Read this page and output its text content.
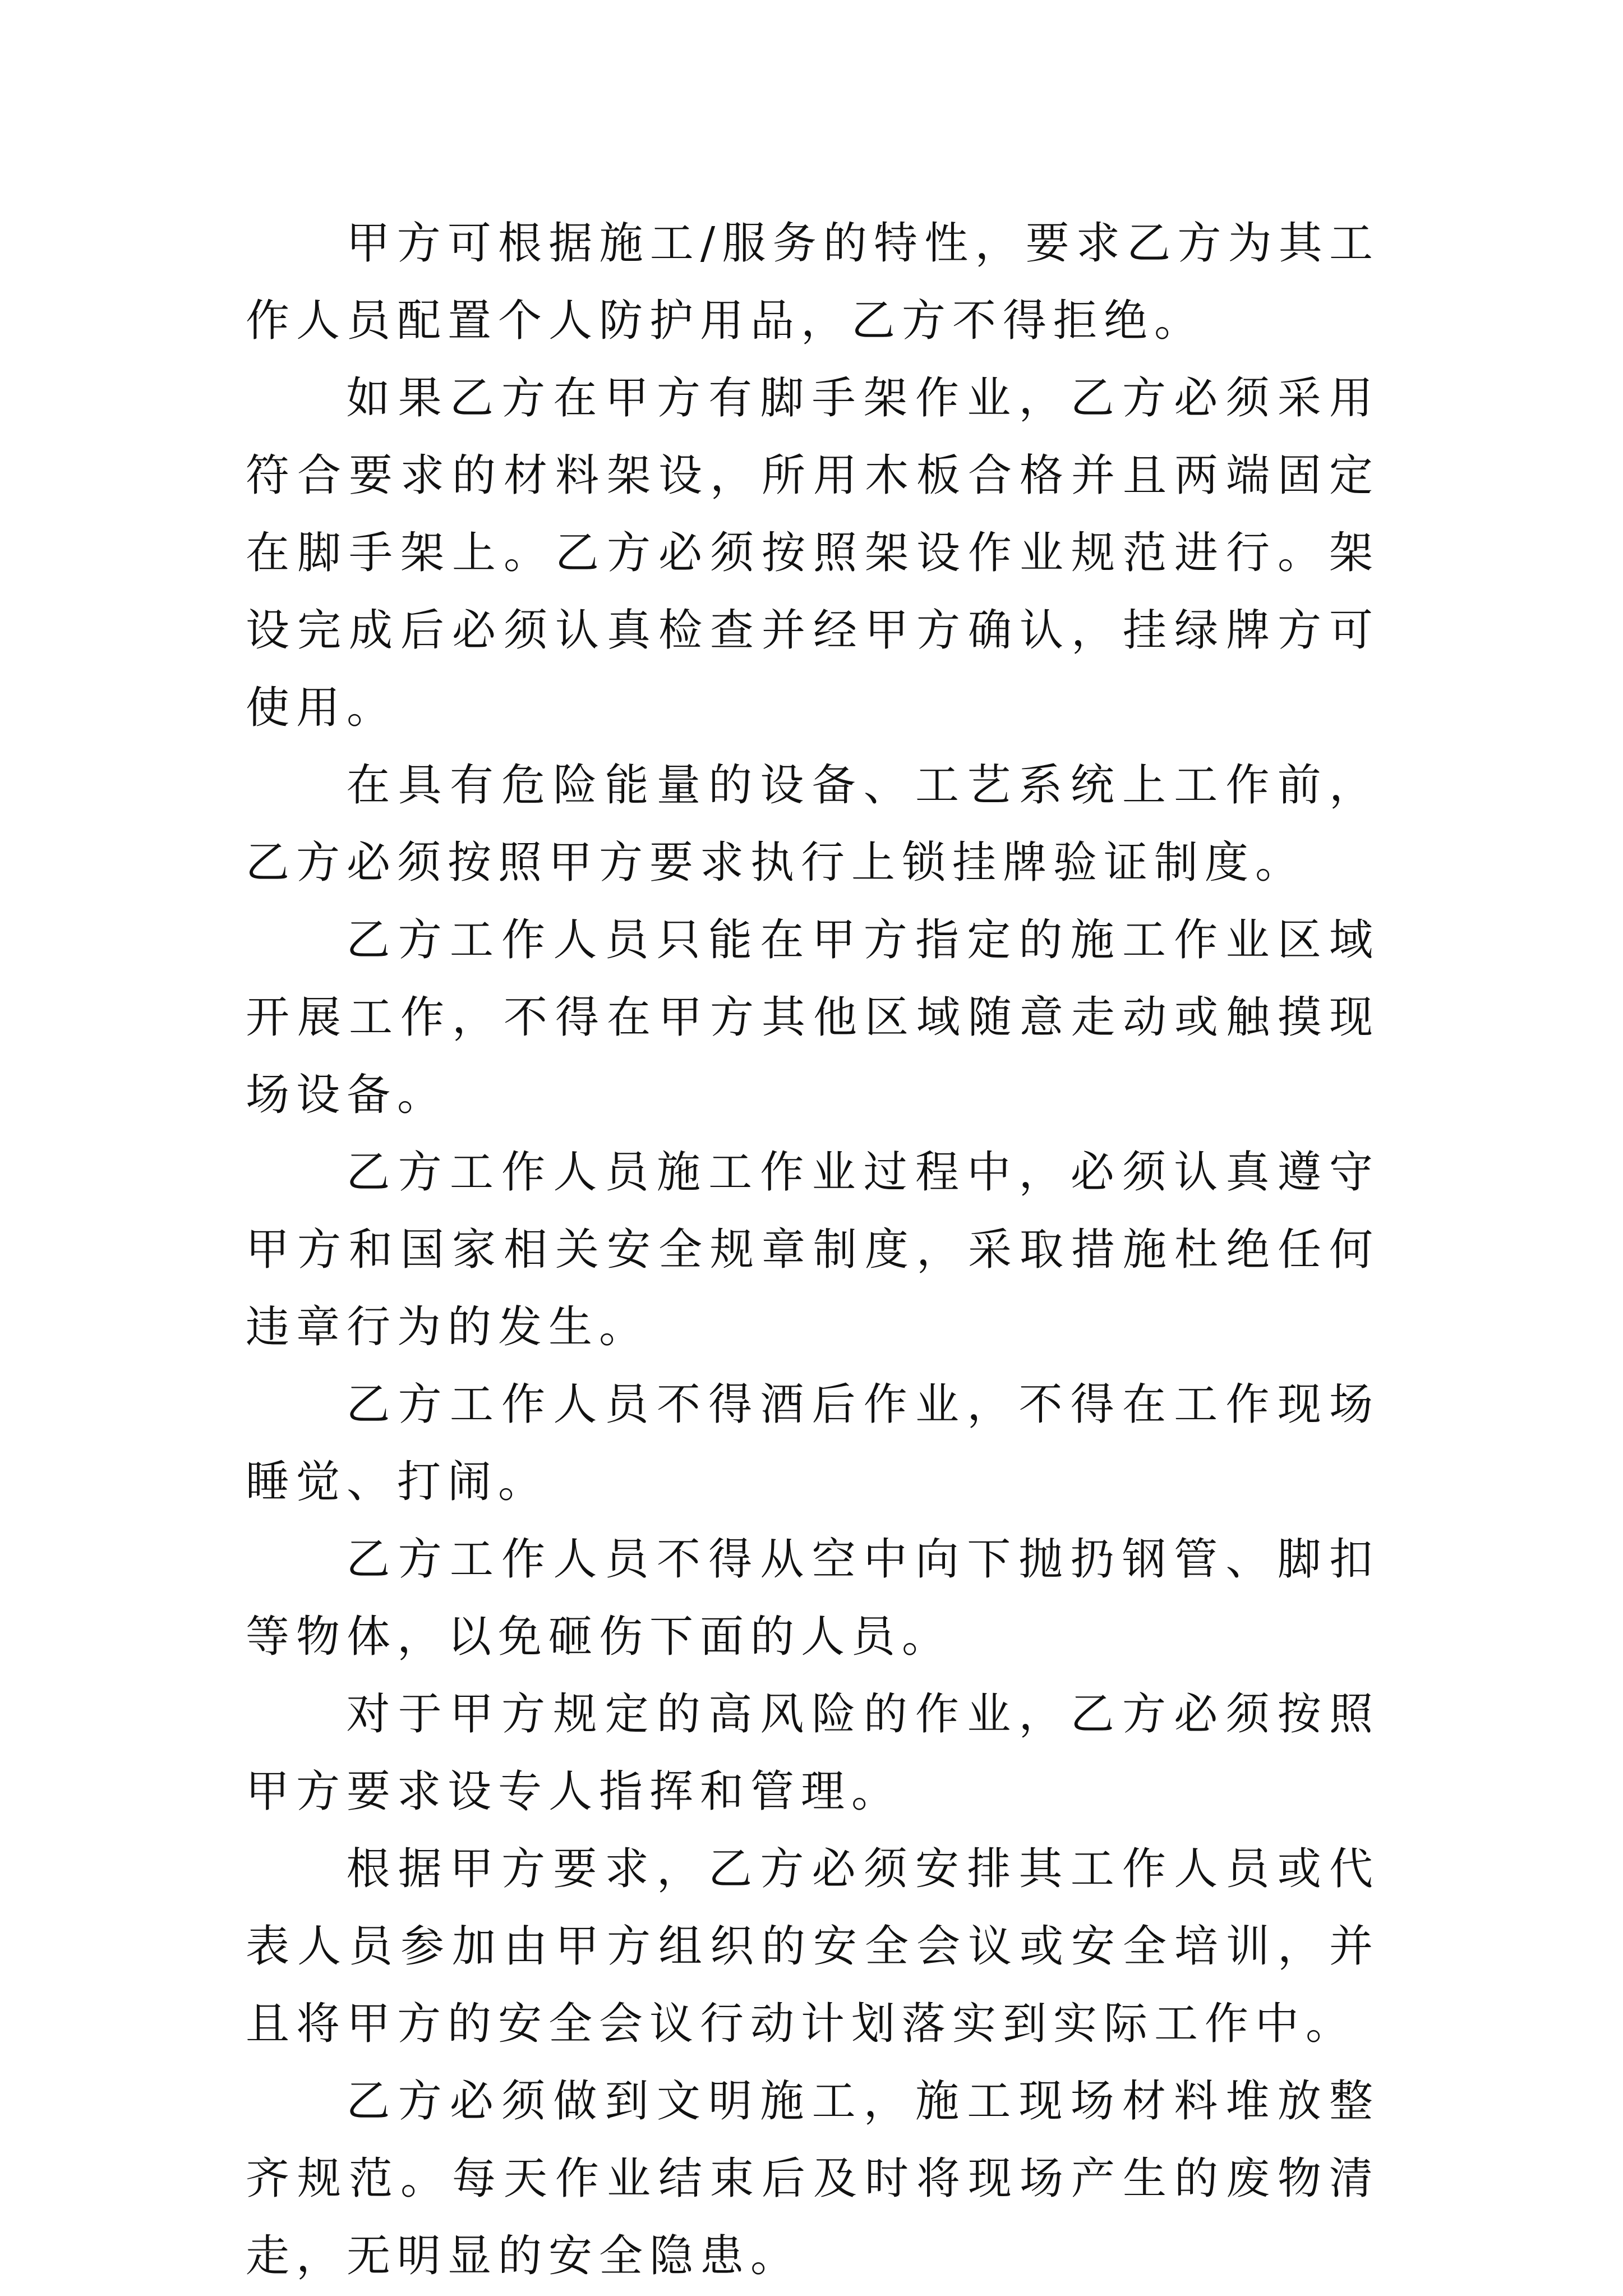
甲方可根据施工/服务的特性，要求乙方为其工作人员配置个人防护用品，乙方不得拒绝。

如果乙方在甲方有脚手架作业，乙方必须采用符合要求的材料架设，所用木板合格并且两端固定在脚手架上。乙方必须按照架设作业规范进行。架设完成后必须认真检查并经甲方确认，挂绿牌方可使用。

在具有危险能量的设备、工艺系统上工作前，乙方必须按照甲方要求执行上锁挂牌验证制度。

乙方工作人员只能在甲方指定的施工作业区域开展工作，不得在甲方其他区域随意走动或触摸现场设备。

乙方工作人员施工作业过程中，必须认真遵守甲方和国家相关安全规章制度，采取措施杜绝任何违章行为的发生。

乙方工作人员不得酒后作业，不得在工作现场睡觉、打闹。

乙方工作人员不得从空中向下抛扔钢管、脚扣等物体，以免砸伤下面的人员。

对于甲方规定的高风险的作业，乙方必须按照甲方要求设专人指挥和管理。

根据甲方要求，乙方必须安排其工作人员或代表人员参加由甲方组织的安全会议或安全培训，并且将甲方的安全会议行动计划落实到实际工作中。

乙方必须做到文明施工，施工现场材料堆放整齐规范。每天作业结束后及时将现场产生的废物清走，无明显的安全隐患。
